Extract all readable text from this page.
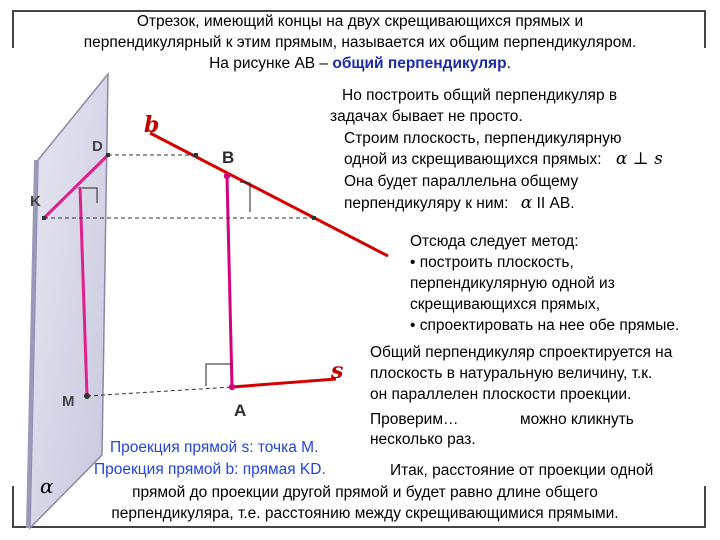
b
s
B
A
D
K
M
α
Отрезок, имеющий концы на двух скрещивающихся прямых и
перпендикулярный к этим прямым, называется их общим перпендикуляром.
На рисунке АВ – общий перпендикуляр.
Но построить общий перпендикуляр в
задачах бывает не просто.
Строим плоскость, перпендикулярную
одной из скрещивающихся прямых: α ⊥ s
Она будет параллельна общему
перпендикуляру к ним: α II АВ.
Отсюда следует метод:
• построить плоскость,
перпендикулярную одной из
скрещивающихся прямых,
• спроектировать на нее обе прямые.
Общий перпендикуляр спроектируется на
плоскость в натуральную величину, т.к.
он параллелен плоскости проекции.
Проверим…	можно кликнуть
несколько раз.
Проекция прямой s: точка M.
Проекция прямой b: прямая KD.	Итак, расстояние от проекции одной
прямой до проекции другой прямой и будет равно длине общего
перпендикуляра, т.е. расстоянию между скрещивающимися прямыми.
